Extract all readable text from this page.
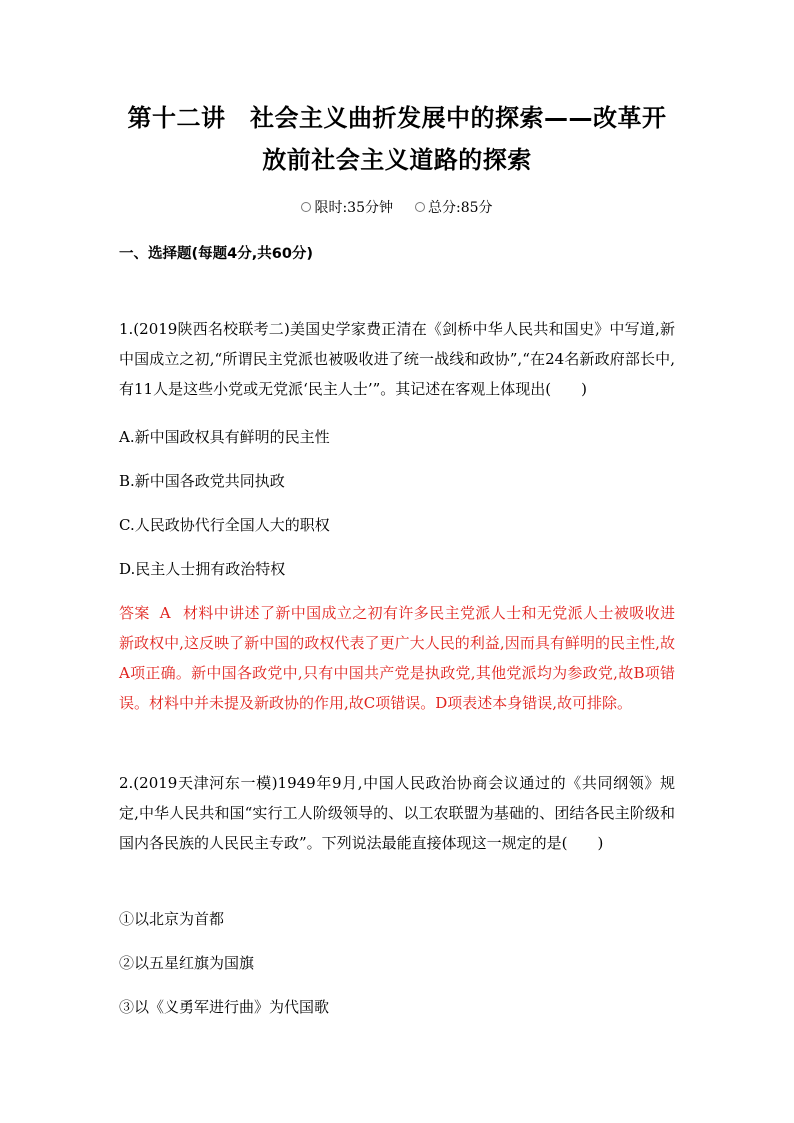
第十二讲　社会主义曲折发展中的探索——改革开
放前社会主义道路的探索
限时:35分钟	总分:85分
一、选择题(每题4分,共60分)
1.(2019陕西名校联考二)美国史学家费正清在《剑桥中华人民共和国史》中写道,新中国成立之初,“所谓民主党派也被吸收进了统一战线和政协”,“在24名新政府部长中,有11人是这些小党或无党派‘民主人士’”。其记述在客观上体现出(　　)
A.新中国政权具有鲜明的民主性
B.新中国各政党共同执政
C.人民政协代行全国人大的职权
D.民主人士拥有政治特权
答案 A 材料中讲述了新中国成立之初有许多民主党派人士和无党派人士被吸收进新政权中,这反映了新中国的政权代表了更广大人民的利益,因而具有鲜明的民主性,故A项正确。新中国各政党中,只有中国共产党是执政党,其他党派均为参政党,故B项错误。材料中并未提及新政协的作用,故C项错误。D项表述本身错误,故可排除。
2.(2019天津河东一模)1949年9月,中国人民政治协商会议通过的《共同纲领》规定,中华人民共和国“实行工人阶级领导的、以工农联盟为基础的、团结各民主阶级和国内各民族的人民民主专政”。下列说法最能直接体现这一规定的是(　　)
①以北京为首都
②以五星红旗为国旗
③以《义勇军进行曲》为代国歌
